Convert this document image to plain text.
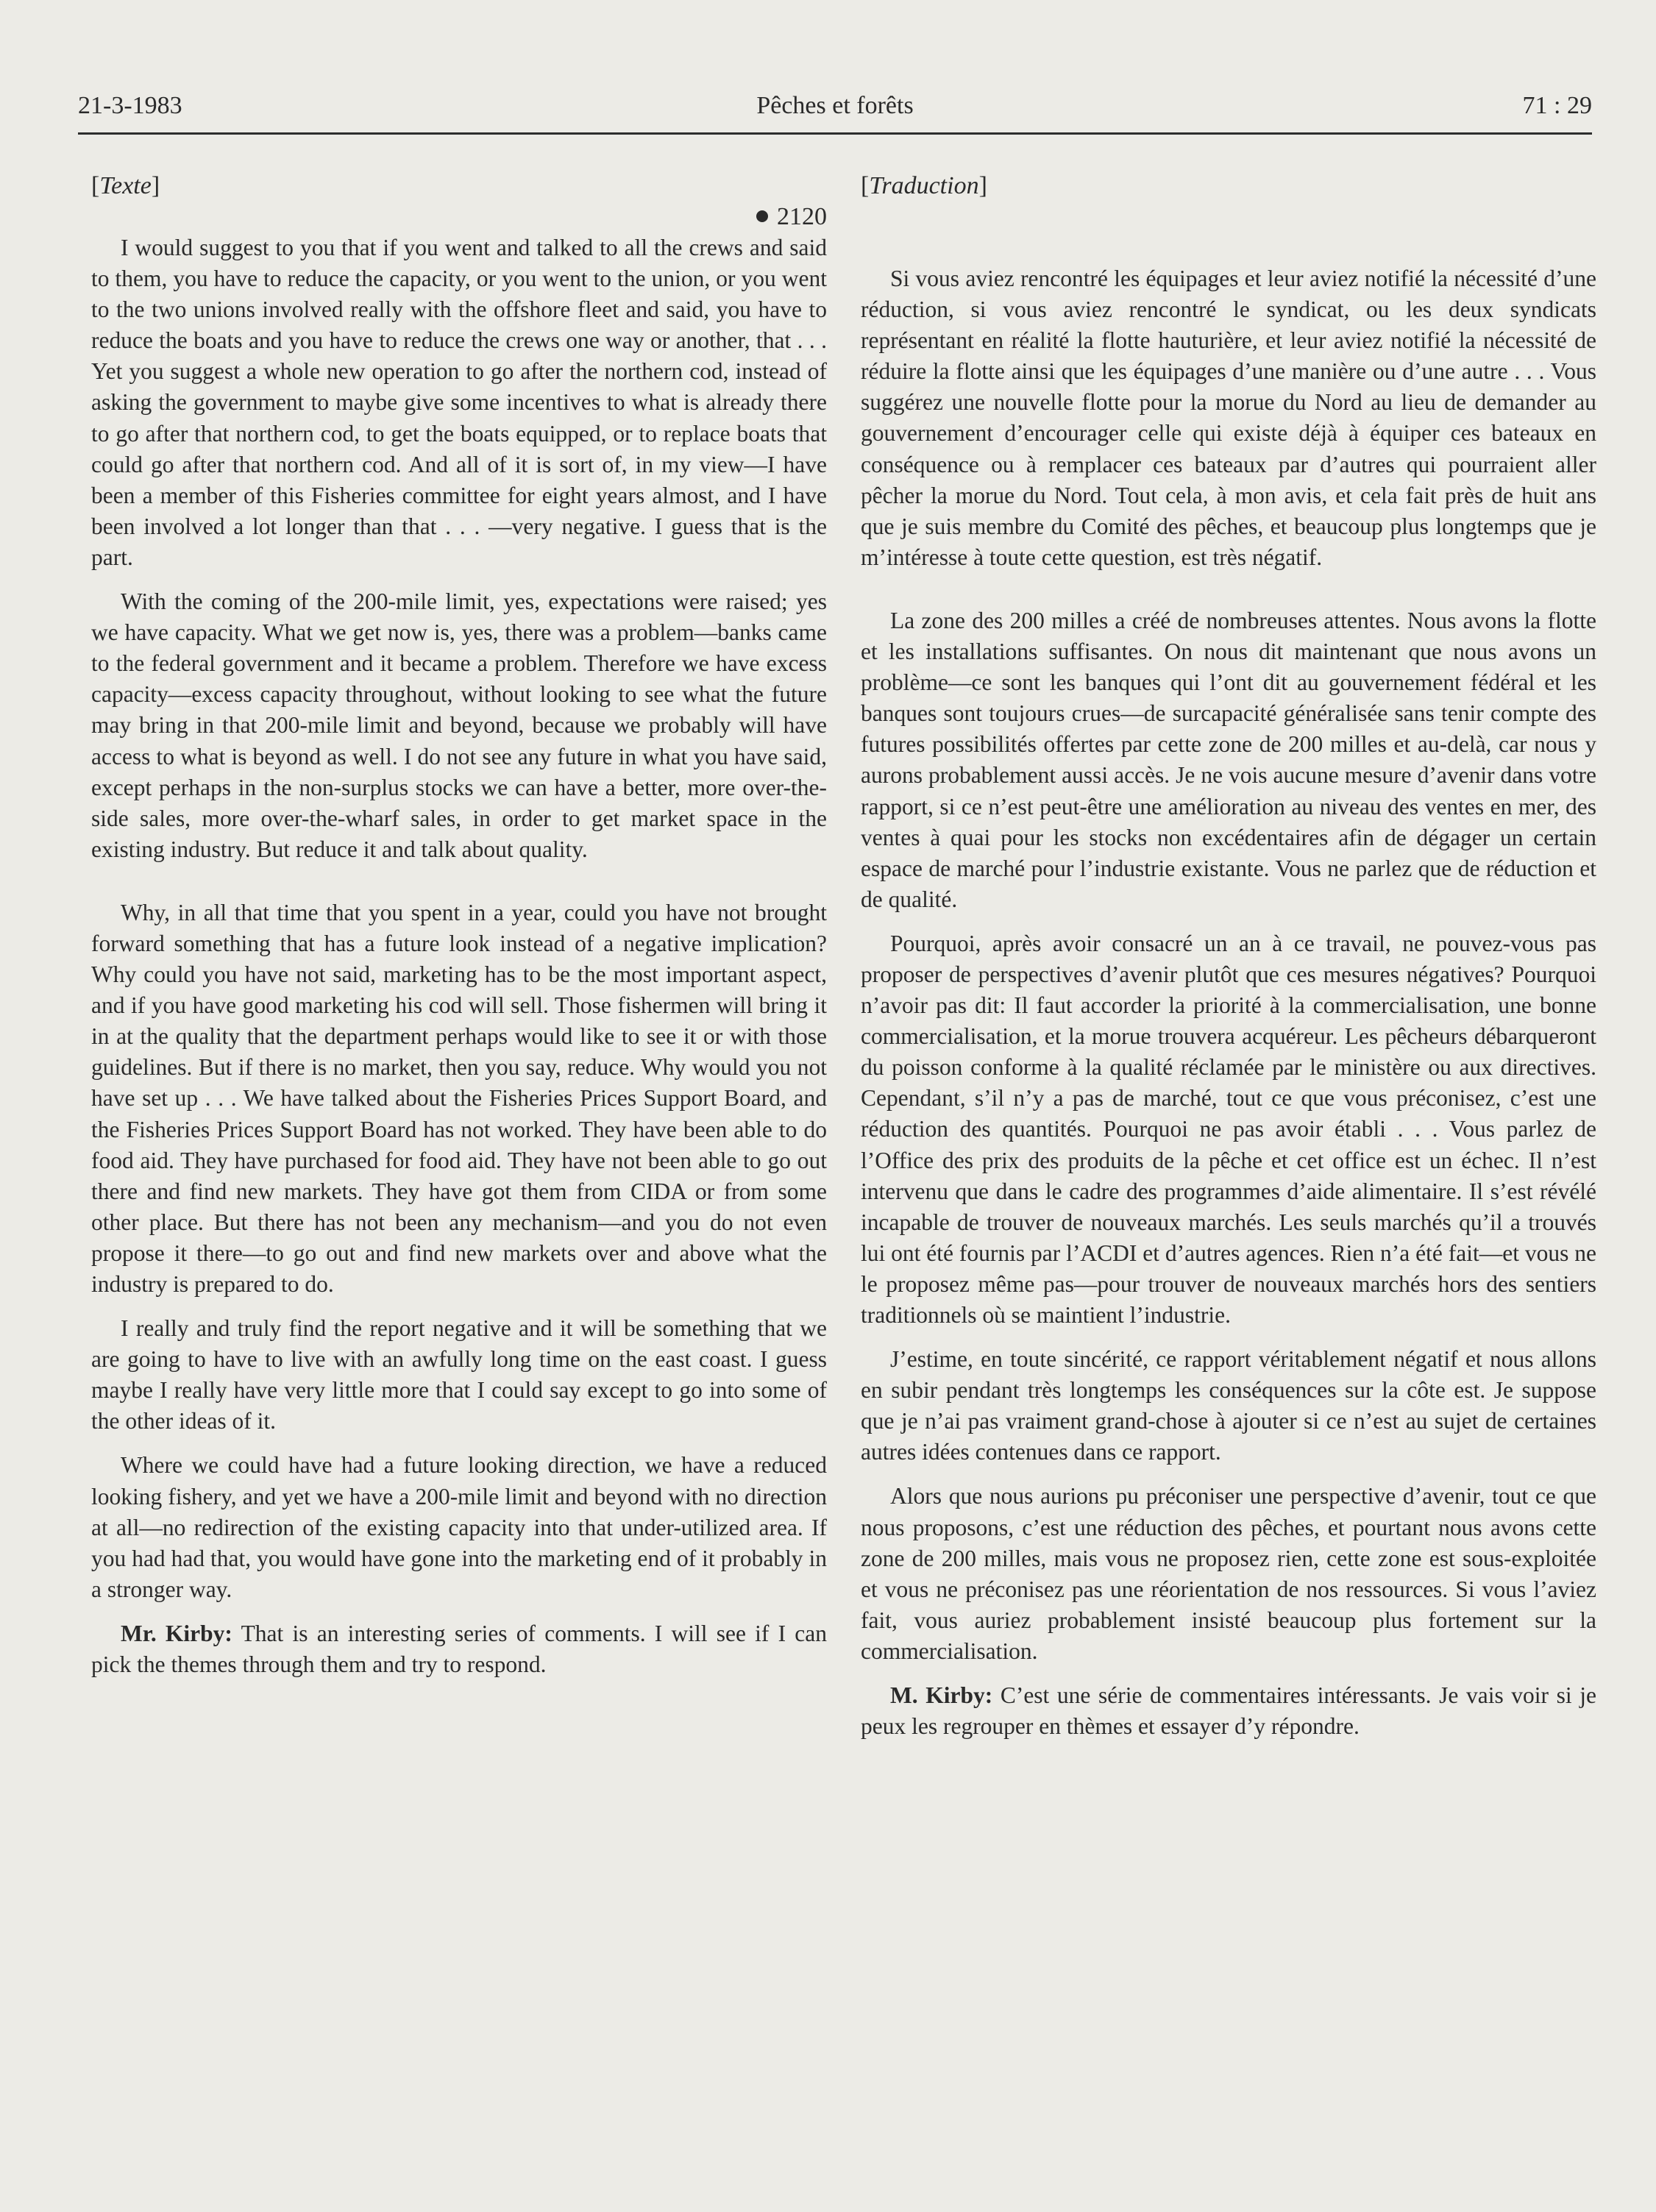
21-3-1983	Pêches et forêts	71 : 29

[Texte]

2120

I would suggest to you that if you went and talked to all the crews and said to them, you have to reduce the capacity, or you went to the union, or you went to the two unions involved really with the offshore fleet and said, you have to reduce the boats and you have to reduce the crews one way or another, that . . . Yet you suggest a whole new operation to go after the northern cod, instead of asking the government to maybe give some incentives to what is already there to go after that northern cod, to get the boats equipped, or to replace boats that could go after that northern cod. And all of it is sort of, in my view—I have been a member of this Fisheries committee for eight years almost, and I have been involved a lot longer than that . . . —very negative. I guess that is the part.

With the coming of the 200-mile limit, yes, expectations were raised; yes we have capacity. What we get now is, yes, there was a problem—banks came to the federal government and it became a problem. Therefore we have excess capacity—excess capacity throughout, without looking to see what the future may bring in that 200-mile limit and beyond, because we probably will have access to what is beyond as well. I do not see any future in what you have said, except perhaps in the non-surplus stocks we can have a better, more over-the-side sales, more over-the-wharf sales, in order to get market space in the existing industry. But reduce it and talk about quality.

Why, in all that time that you spent in a year, could you have not brought forward something that has a future look instead of a negative implication? Why could you have not said, marketing has to be the most important aspect, and if you have good marketing his cod will sell. Those fishermen will bring it in at the quality that the department perhaps would like to see it or with those guidelines. But if there is no market, then you say, reduce. Why would you not have set up . . . We have talked about the Fisheries Prices Support Board, and the Fisheries Prices Support Board has not worked. They have been able to do food aid. They have purchased for food aid. They have not been able to go out there and find new markets. They have got them from CIDA or from some other place. But there has not been any mechanism—and you do not even propose it there—to go out and find new markets over and above what the industry is prepared to do.

I really and truly find the report negative and it will be something that we are going to have to live with an awfully long time on the east coast. I guess maybe I really have very little more that I could say except to go into some of the other ideas of it.

Where we could have had a future looking direction, we have a reduced looking fishery, and yet we have a 200-mile limit and beyond with no direction at all—no redirection of the existing capacity into that under-utilized area. If you had had that, you would have gone into the marketing end of it probably in a stronger way.

Mr. Kirby: That is an interesting series of comments. I will see if I can pick the themes through them and try to respond.

[Traduction]

Si vous aviez rencontré les équipages et leur aviez notifié la nécessité d’une réduction, si vous aviez rencontré le syndicat, ou les deux syndicats représentant en réalité la flotte hauturière, et leur aviez notifié la nécessité de réduire la flotte ainsi que les équipages d’une manière ou d’une autre . . . Vous suggérez une nouvelle flotte pour la morue du Nord au lieu de demander au gouvernement d’encourager celle qui existe déjà à équiper ces bateaux en conséquence ou à remplacer ces bateaux par d’autres qui pourraient aller pêcher la morue du Nord. Tout cela, à mon avis, et cela fait près de huit ans que je suis membre du Comité des pêches, et beaucoup plus longtemps que je m’intéresse à toute cette question, est très négatif.

La zone des 200 milles a créé de nombreuses attentes. Nous avons la flotte et les installations suffisantes. On nous dit maintenant que nous avons un problème—ce sont les banques qui l’ont dit au gouvernement fédéral et les banques sont toujours crues—de surcapacité généralisée sans tenir compte des futures possibilités offertes par cette zone de 200 milles et au-delà, car nous y aurons probablement aussi accès. Je ne vois aucune mesure d’avenir dans votre rapport, si ce n’est peut-être une amélioration au niveau des ventes en mer, des ventes à quai pour les stocks non excédentaires afin de dégager un certain espace de marché pour l’industrie existante. Vous ne parlez que de réduction et de qualité.

Pourquoi, après avoir consacré un an à ce travail, ne pouvez-vous pas proposer de perspectives d’avenir plutôt que ces mesures négatives? Pourquoi n’avoir pas dit: Il faut accorder la priorité à la commercialisation, une bonne commercialisation, et la morue trouvera acquéreur. Les pêcheurs débarqueront du poisson conforme à la qualité réclamée par le ministère ou aux directives. Cependant, s’il n’y a pas de marché, tout ce que vous préconisez, c’est une réduction des quantités. Pourquoi ne pas avoir établi . . . Vous parlez de l’Office des prix des produits de la pêche et cet office est un échec. Il n’est intervenu que dans le cadre des programmes d’aide alimentaire. Il s’est révélé incapable de trouver de nouveaux marchés. Les seuls marchés qu’il a trouvés lui ont été fournis par l’ACDI et d’autres agences. Rien n’a été fait—et vous ne le proposez même pas—pour trouver de nouveaux marchés hors des sentiers traditionnels où se maintient l’industrie.

J’estime, en toute sincérité, ce rapport véritablement négatif et nous allons en subir pendant très longtemps les conséquences sur la côte est. Je suppose que je n’ai pas vraiment grand-chose à ajouter si ce n’est au sujet de certaines autres idées contenues dans ce rapport.

Alors que nous aurions pu préconiser une perspective d’avenir, tout ce que nous proposons, c’est une réduction des pêches, et pourtant nous avons cette zone de 200 milles, mais vous ne proposez rien, cette zone est sous-exploitée et vous ne préconisez pas une réorientation de nos ressources. Si vous l’aviez fait, vous auriez probablement insisté beaucoup plus fortement sur la commercialisation.

M. Kirby: C’est une série de commentaires intéressants. Je vais voir si je peux les regrouper en thèmes et essayer d’y répondre.
